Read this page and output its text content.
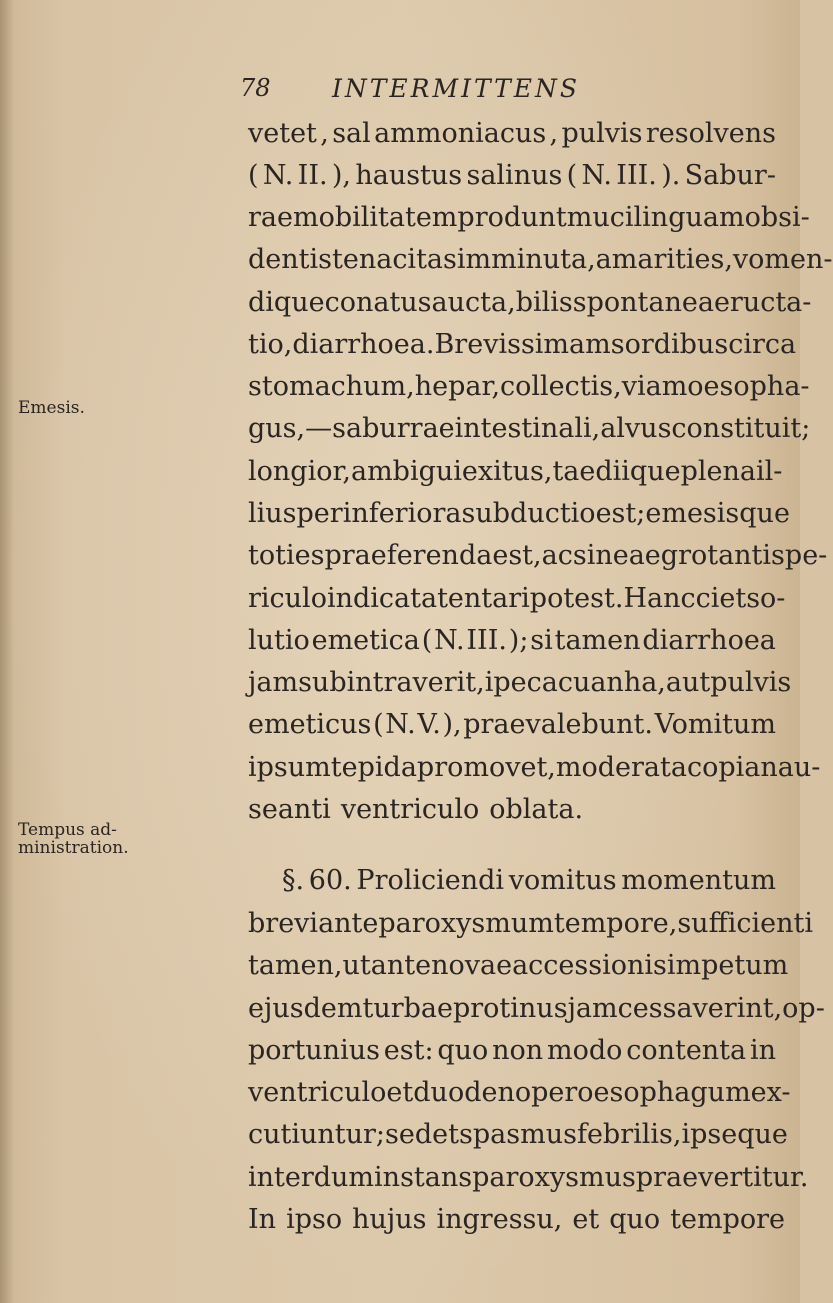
78 INTERMITTENS
Emesis.
Tempus ad-
ministration.
vetet , sal ammoniacus , pulvis resolvens
( N. II. ), haustus salinus ( N. III. ). Sabur-
rae mobilitatem produnt muci linguam obsi-
dentis tenacitas imminuta, amarities, vomen-
dique conatus aucta, bilis spontanea eructa-
tio, diarrhoea. Brevissimam sordibus circa
stomachum, hepar, collectis, viam oesopha-
gus, — saburrae intestinali, alvus constituit ;
longior, ambigui exitus, taediique plena il-
lius per inferiora subductio est; emesisque
toties praeferenda est, ac sine aegrotantis pe-
riculo indicata tentari potest. Hanc ciet so-
lutio emetica ( N. III. ); si tamen diarrhoea
jam subintraverit, ipecacuanha, aut pulvis
emeticus ( N. V. ), praevalebunt. Vomitum
ipsum tepida promovet, moderata copia nau-
seanti ventriculo oblata.
§. 60. Proliciendi vomitus momentum
brevi ante paroxysmum tempore, sufficienti
tamen, ut ante novae accessionis impetum
ejusdem turbae protinus jam cessaverint, op-
portunius est: quo non modo contenta in
ventriculo et duodeno per oesophagum ex-
cutiuntur; sed et spasmus febrilis, ipseque
interdum instans paroxysmus praevertitur.
In ipso hujus ingressu, et quo tempore
